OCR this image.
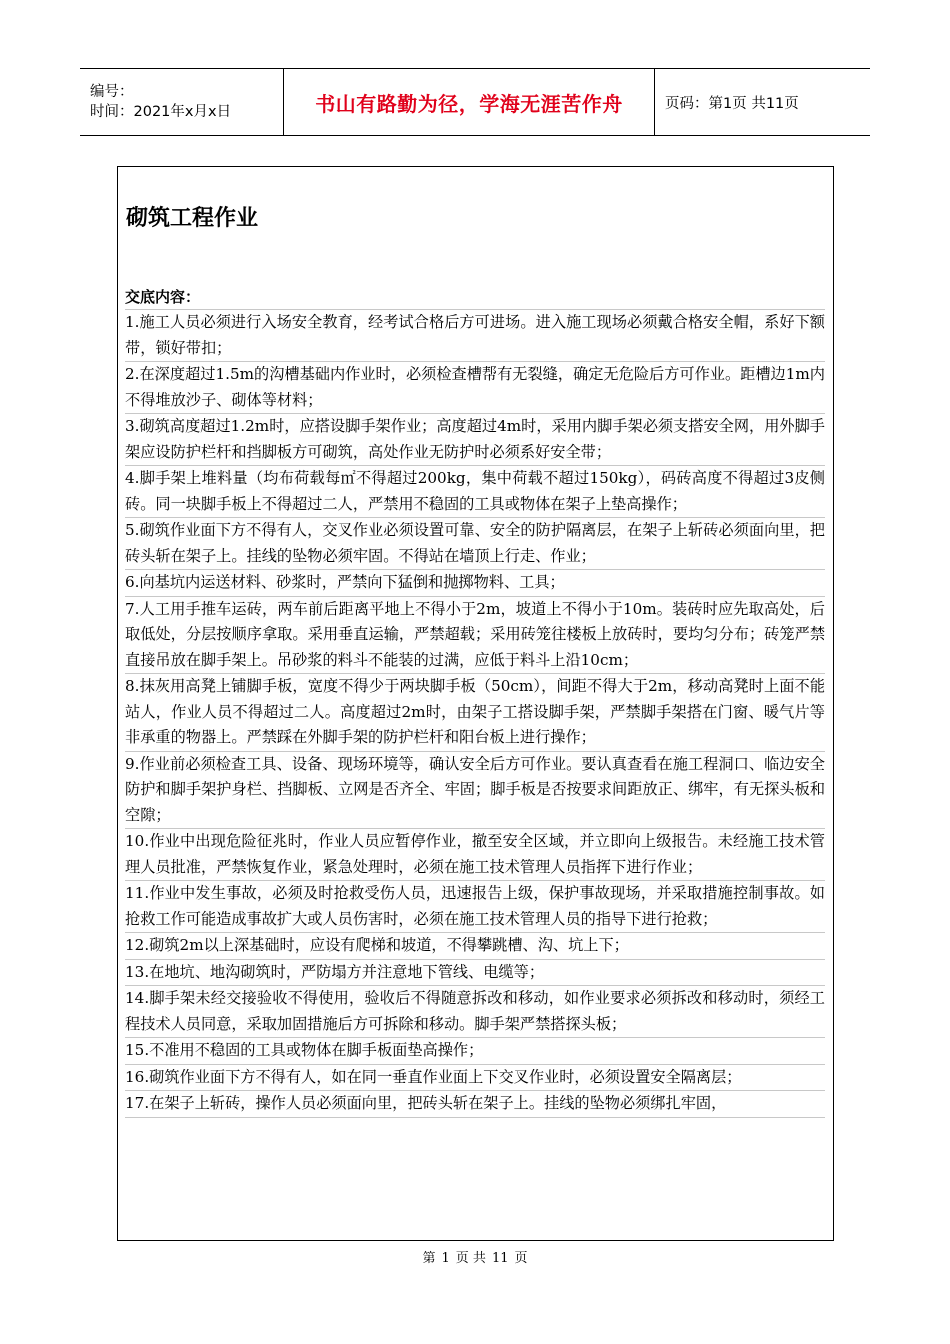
编号：
时间：2021年x月x日	书山有路勤为径，学海无涯苦作舟	页码：第1页 共11页
砌筑工程作业
交底内容：
1.施工人员必须进行入场安全教育，经考试合格后方可进场。进入施工现场必须戴合格安全帽，系好下额带，锁好带扣；
2.在深度超过1.5m的沟槽基础内作业时，必须检查槽帮有无裂缝，确定无危险后方可作业。距槽边1m内不得堆放沙子、砌体等材料；
3.砌筑高度超过1.2m时，应搭设脚手架作业；高度超过4m时，采用内脚手架必须支搭安全网，用外脚手架应设防护栏杆和挡脚板方可砌筑，高处作业无防护时必须系好安全带；
4.脚手架上堆料量（均布荷载每㎡不得超过200kg，集中荷载不超过150kg），码砖高度不得超过3皮侧砖。同一块脚手板上不得超过二人，严禁用不稳固的工具或物体在架子上垫高操作；
5.砌筑作业面下方不得有人，交叉作业必须设置可靠、安全的防护隔离层，在架子上斩砖必须面向里，把砖头斩在架子上。挂线的坠物必须牢固。不得站在墙顶上行走、作业；
6.向基坑内运送材料、砂浆时，严禁向下猛倒和抛掷物料、工具；
7.人工用手推车运砖，两车前后距离平地上不得小于2m，坡道上不得小于10m。装砖时应先取高处，后取低处，分层按顺序拿取。采用垂直运输，严禁超载；采用砖笼往楼板上放砖时，要均匀分布；砖笼严禁直接吊放在脚手架上。吊砂浆的料斗不能装的过满，应低于料斗上沿10cm；
8.抹灰用高凳上铺脚手板，宽度不得少于两块脚手板（50cm），间距不得大于2m，移动高凳时上面不能站人，作业人员不得超过二人。高度超过2m时，由架子工搭设脚手架，严禁脚手架搭在门窗、暖气片等非承重的物器上。严禁踩在外脚手架的防护栏杆和阳台板上进行操作；
9.作业前必须检查工具、设备、现场环境等，确认安全后方可作业。要认真查看在施工程洞口、临边安全防护和脚手架护身栏、挡脚板、立网是否齐全、牢固；脚手板是否按要求间距放正、绑牢，有无探头板和空隙；
10.作业中出现危险征兆时，作业人员应暂停作业，撤至安全区域，并立即向上级报告。未经施工技术管理人员批准，严禁恢复作业，紧急处理时，必须在施工技术管理人员指挥下进行作业；
11.作业中发生事故，必须及时抢救受伤人员，迅速报告上级，保护事故现场，并采取措施控制事故。如抢救工作可能造成事故扩大或人员伤害时，必须在施工技术管理人员的指导下进行抢救；
12.砌筑2m以上深基础时，应设有爬梯和坡道，不得攀跳槽、沟、坑上下；
13.在地坑、地沟砌筑时，严防塌方并注意地下管线、电缆等；
14.脚手架未经交接验收不得使用，验收后不得随意拆改和移动，如作业要求必须拆改和移动时，须经工程技术人员同意，采取加固措施后方可拆除和移动。脚手架严禁搭探头板；
15.不准用不稳固的工具或物体在脚手板面垫高操作；
16.砌筑作业面下方不得有人，如在同一垂直作业面上下交叉作业时，必须设置安全隔离层；
17.在架子上斩砖，操作人员必须面向里，把砖头斩在架子上。挂线的坠物必须绑扎牢固，
第 1 页 共 11 页
